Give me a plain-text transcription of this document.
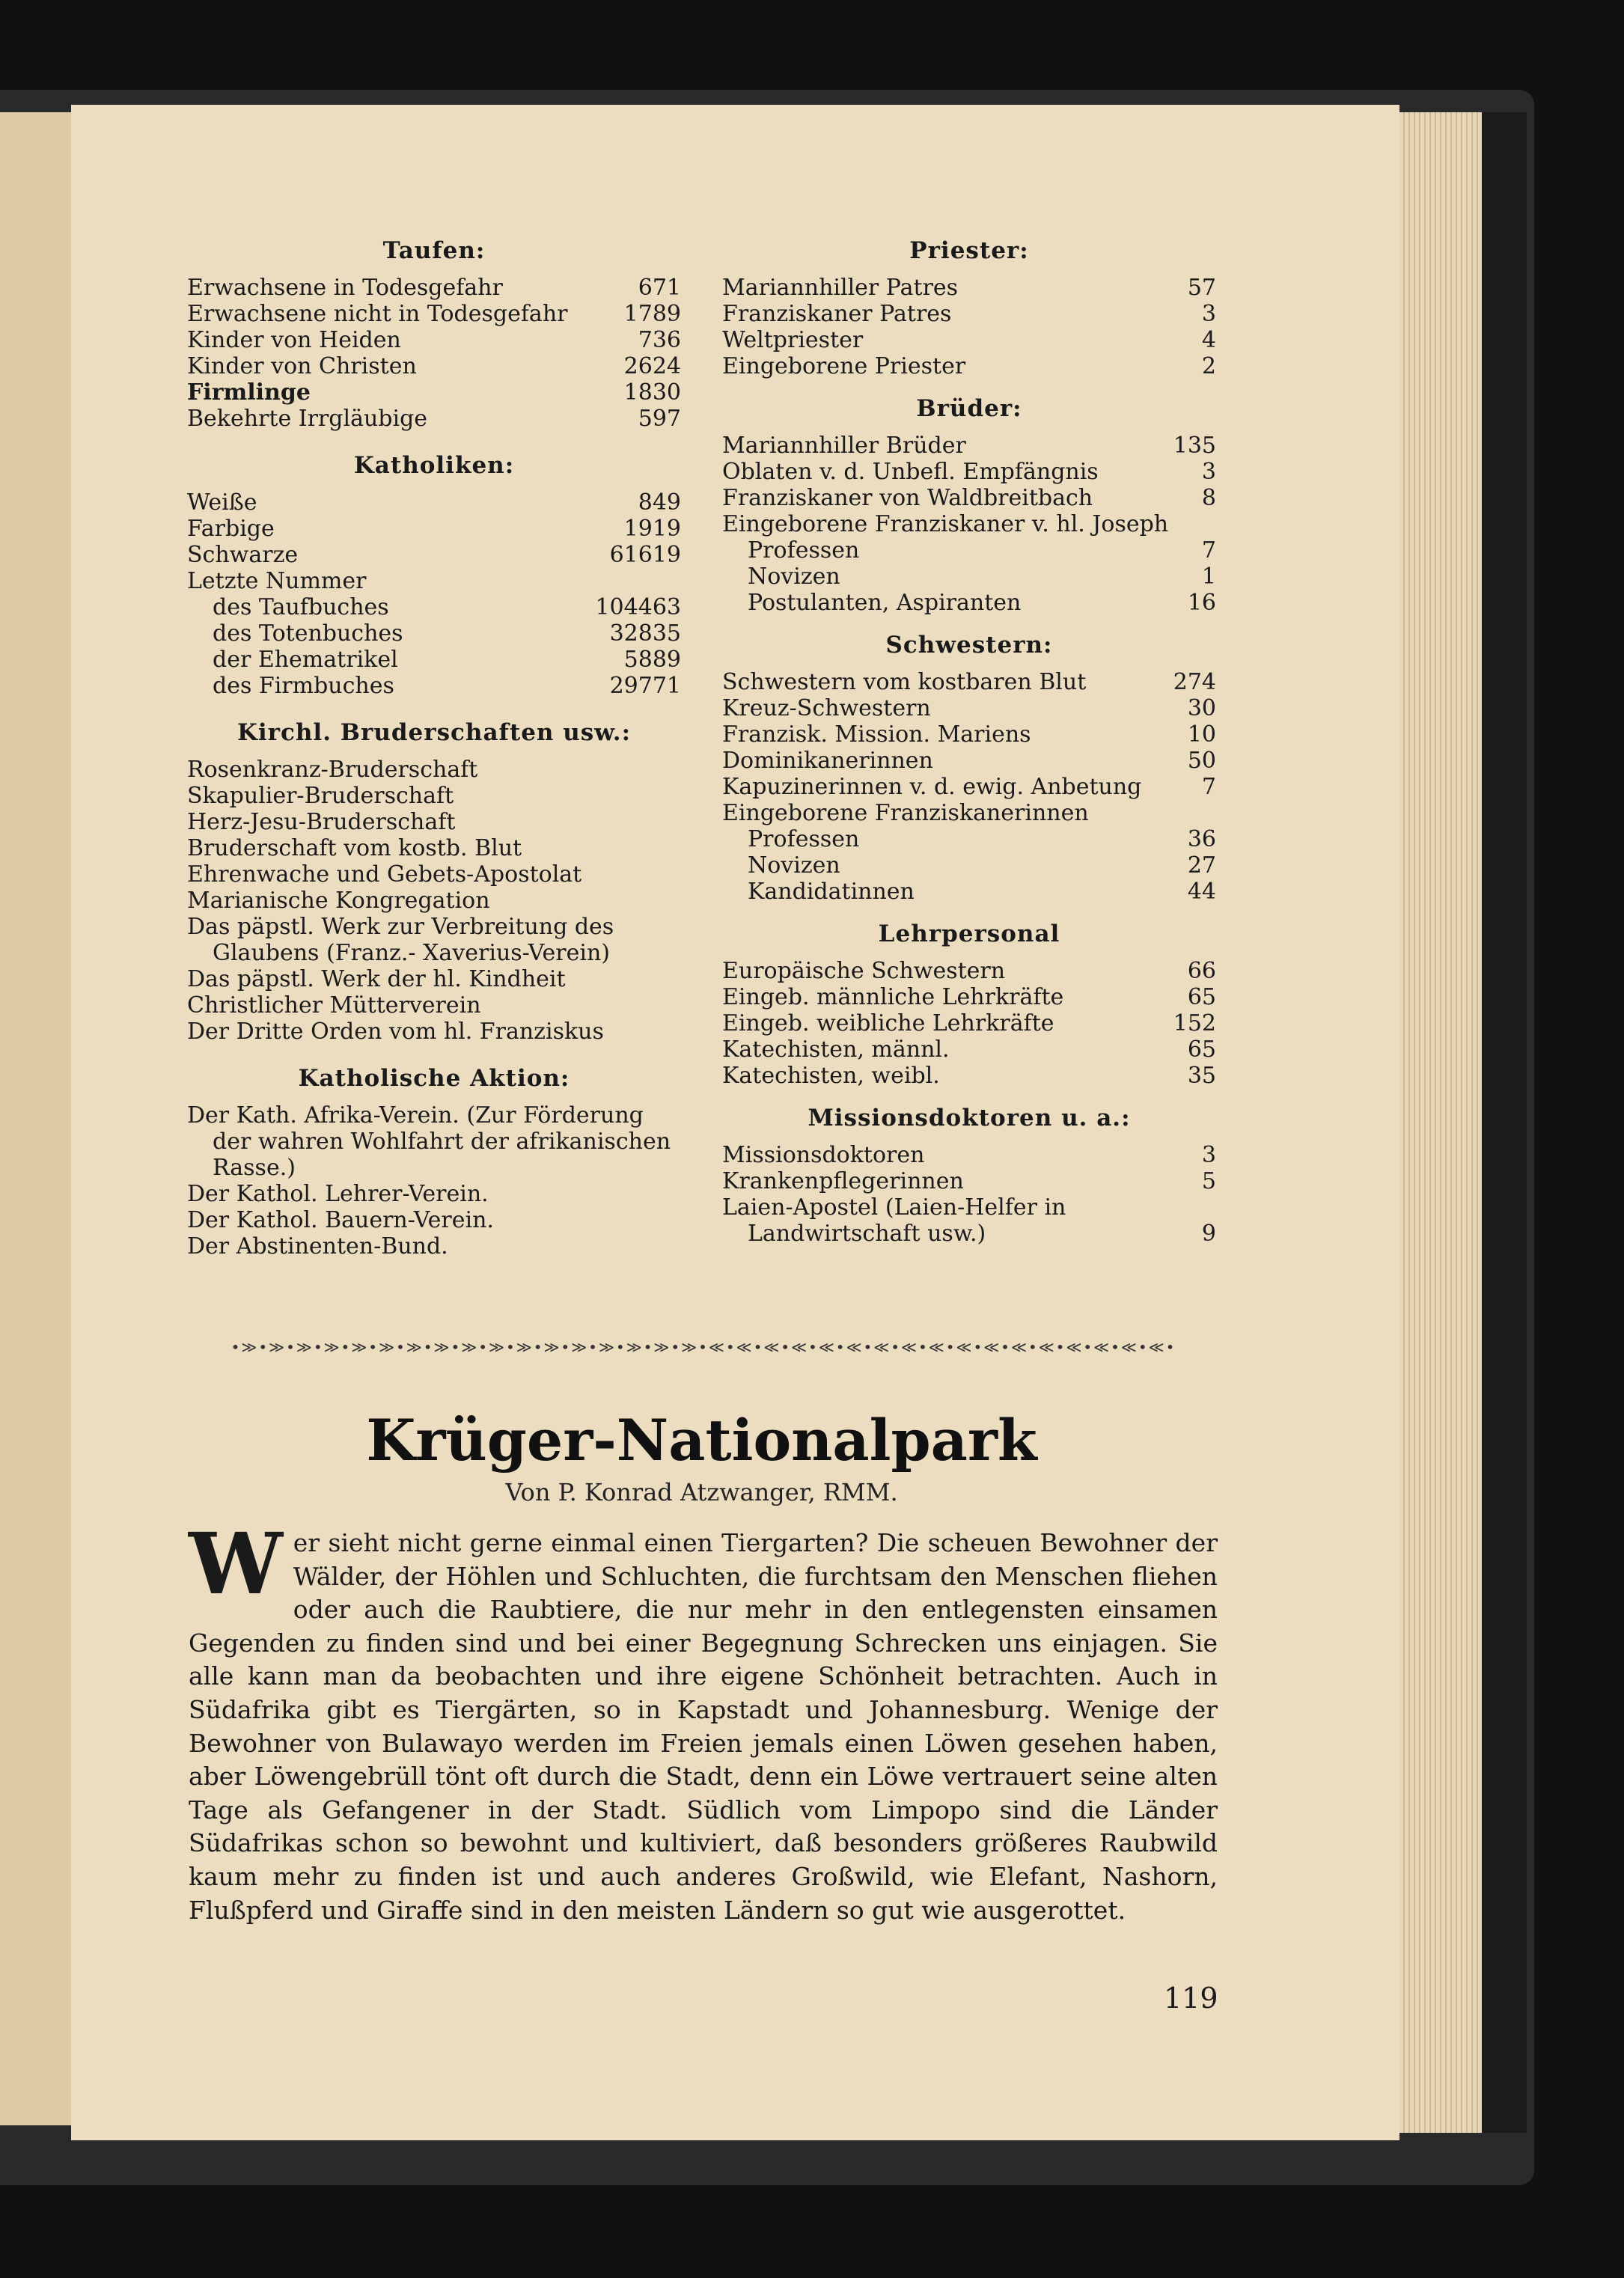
Taufen:
Erwachsene in Todesgefahr	671
Erwachsene nicht in Todesgefahr	1789
Kinder von Heiden	736
Kinder von Christen	2624
Firmlinge	1830
Bekehrte Irrgläubige	597
Katholiken:
Weiße	849
Farbige	1919
Schwarze	61619
Letzte Nummer
des Taufbuches	104463
des Totenbuches	32835
der Ehematrikel	5889
des Firmbuches	29771
Kirchl. Bruderschaften usw.:
Rosenkranz-Bruderschaft
Skapulier-Bruderschaft
Herz-Jesu-Bruderschaft
Bruderschaft vom kostb. Blut
Ehrenwache und Gebets-Apostolat
Marianische Kongregation
Das päpstl. Werk zur Verbreitung des Glaubens (Franz.- Xaverius-Verein)
Das päpstl. Werk der hl. Kindheit
Christlicher Mütterverein
Der Dritte Orden vom hl. Franziskus
Katholische Aktion:
Der Kath. Afrika-Verein. (Zur Förderung der wahren Wohlfahrt der afrikanischen Rasse.)
Der Kathol. Lehrer-Verein.
Der Kathol. Bauern-Verein.
Der Abstinenten-Bund.
Priester:
Mariannhiller Patres	57
Franziskaner Patres	3
Weltpriester	4
Eingeborene Priester	2
Brüder:
Mariannhiller Brüder	135
Oblaten v. d. Unbefl. Empfängnis	3
Franziskaner von Waldbreitbach	8
Eingeborene Franziskaner v. hl. Joseph
Professen	7
Novizen	1
Postulanten, Aspiranten	16
Schwestern:
Schwestern vom kostbaren Blut	274
Kreuz-Schwestern	30
Franzisk. Mission. Mariens	10
Dominikanerinnen	50
Kapuzinerinnen v. d. ewig. Anbetung	7
Eingeborene Franziskanerinnen
Professen	36
Novizen	27
Kandidatinnen	44
Lehrpersonal
Europäische Schwestern	66
Eingeb. männliche Lehrkräfte	65
Eingeb. weibliche Lehrkräfte	152
Katechisten, männl.	65
Katechisten, weibl.	35
Missionsdoktoren u. a.:
Missionsdoktoren	3
Krankenpflegerinnen	5
Laien-Apostel (Laien-Helfer in Landwirtschaft usw.)	9
•≫•≫•≫•≫•≫•≫•≫•≫•≫•≫•≫•≫•≫•≫•≫•≫•≫•≪•≪•≪•≪•≪•≪•≪•≪•≪•≪•≪•≪•≪•≪•≪•≪•≪•
Krüger-Nationalpark
Von P. Konrad Atzwanger, RMM.
Wer sieht nicht gerne einmal einen Tiergarten? Die scheuen Bewohner der Wälder, der Höhlen und Schluchten, die furchtsam den Menschen fliehen oder auch die Raubtiere, die nur mehr in den entlegensten einsamen Gegenden zu finden sind und bei einer Begegnung Schrecken uns einjagen. Sie alle kann man da beobachten und ihre eigene Schönheit betrachten. Auch in Südafrika gibt es Tiergärten, so in Kapstadt und Johannesburg. Wenige der Bewohner von Bulawayo werden im Freien jemals einen Löwen gesehen haben, aber Löwengebrüll tönt oft durch die Stadt, denn ein Löwe vertrauert seine alten Tage als Gefangener in der Stadt. Südlich vom Limpopo sind die Länder Südafrikas schon so bewohnt und kultiviert, daß besonders größeres Raubwild kaum mehr zu finden ist und auch anderes Großwild, wie Elefant, Nashorn, Flußpferd und Giraffe sind in den meisten Ländern so gut wie ausgerottet.
119
